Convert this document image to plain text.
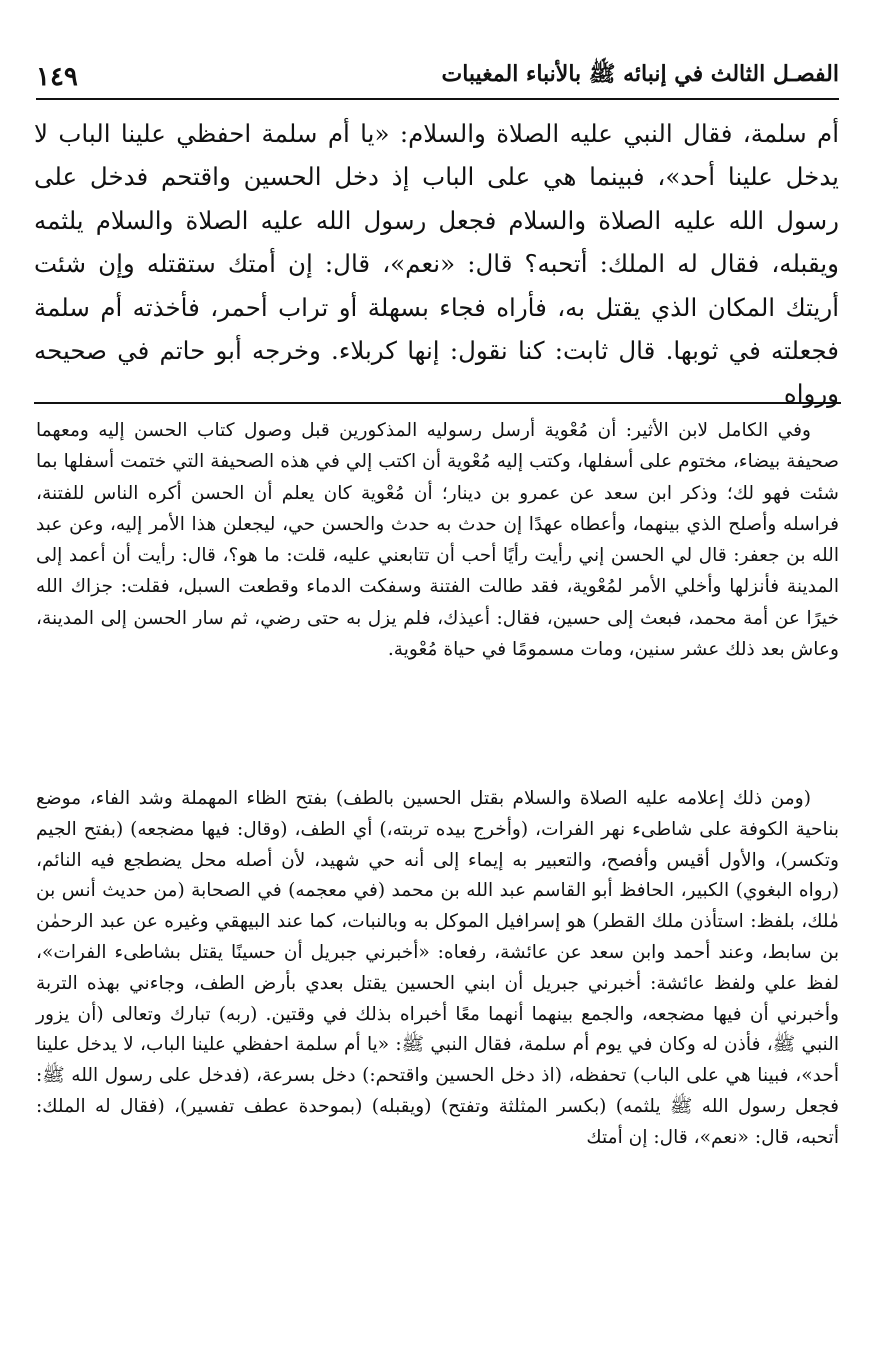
١٤٩	الفصـل الثالث في إنبائه ﷺ بالأنباء المغيبات

أم سلمة، فقال النبي عليه الصلاة والسلام: «يا أم سلمة احفظي علينا الباب لا يدخل علينا أحد»، فبينما هي على الباب إذ دخل الحسين واقتحم فدخل على رسول الله عليه الصلاة والسلام فجعل رسول الله عليه الصلاة والسلام يلثمه ويقبله، فقال له الملك: أتحبه؟ قال: «نعم»، قال: إن أمتك ستقتله وإن شئت أريتك المكان الذي يقتل به، فأراه فجاء بسهلة أو تراب أحمر، فأخذته أم سلمة فجعلته في ثوبها. قال ثابت: كنا نقول: إنها كربلاء. وخرجه أبو حاتم في صحيحه ورواه

وفي الكامل لابن الأثير: أن مُعْوية أرسل رسوليه المذكورين قبل وصول كتاب الحسن إليه ومعهما صحيفة بيضاء، مختوم على أسفلها، وكتب إليه مُعْوية أن اكتب إلي في هذه الصحيفة التي ختمت أسفلها بما شئت فهو لك؛ وذكر ابن سعد عن عمرو بن دينار؛ أن مُعْوية كان يعلم أن الحسن أكره الناس للفتنة، فراسله وأصلح الذي بينهما، وأعطاه عهدًا إن حدث به حدث والحسن حي، ليجعلن هذا الأمر إليه، وعن عبد الله بن جعفر: قال لي الحسن إني رأيت رأيًا أحب أن تتابعني عليه، قلت: ما هو؟، قال: رأيت أن أعمد إلى المدينة فأنزلها وأخلي الأمر لمُعْوية، فقد طالت الفتنة وسفكت الدماء وقطعت السبل، فقلت: جزاك الله خيرًا عن أمة محمد، فبعث إلى حسين، فقال: أعيذك، فلم يزل به حتى رضي، ثم سار الحسن إلى المدينة، وعاش بعد ذلك عشر سنين، ومات مسمومًا في حياة مُعْوية.

(ومن ذلك إعلامه عليه الصلاة والسلام بقتل الحسين بالطف) بفتح الظاء المهملة وشد الفاء، موضع بناحية الكوفة على شاطىء نهر الفرات، (وأخرج بيده تربته،) أي الطف، (وقال: فيها مضجعه) (بفتح الجيم وتكسر)، والأول أقيس وأفصح، والتعبير به إيماء إلى أنه حي شهيد، لأن أصله محل يضطجع فيه النائم، (رواه البغوي) الكبير، الحافظ أبو القاسم عبد الله بن محمد (في معجمه) في الصحابة (من حديث أنس بن مٰلك، بلفظ: استأذن ملك القطر) هو إسرافيل الموكل به وبالنبات، كما عند البيهقي وغيره عن عبد الرحمٰن بن سابط، وعند أحمد وابن سعد عن عائشة، رفعاه: «أخبرني جبريل أن حسينًا يقتل بشاطىء الفرات»، لفظ علي ولفظ عائشة: أخبرني جبريل أن ابني الحسين يقتل بعدي بأرض الطف، وجاءني بهذه التربة وأخبرني أن فيها مضجعه، والجمع بينهما أنهما معًا أخبراه بذلك في وقتين. (ربه) تبارك وتعالى (أن يزور النبي ﷺ، فأذن له وكان في يوم أم سلمة، فقال النبي ﷺ: «يا أم سلمة احفظي علينا الباب، لا يدخل علينا أحد»، فبينا هي على الباب) تحفظه، (اذ دخل الحسين واقتحم:) دخل بسرعة، (فدخل على رسول الله ﷺ: فجعل رسول الله ﷺ يلثمه) (بكسر المثلثة وتفتح) (ويقبله) (بموحدة عطف تفسير)، (فقال له الملك: أتحبه، قال: «نعم»، قال: إن أمتك
